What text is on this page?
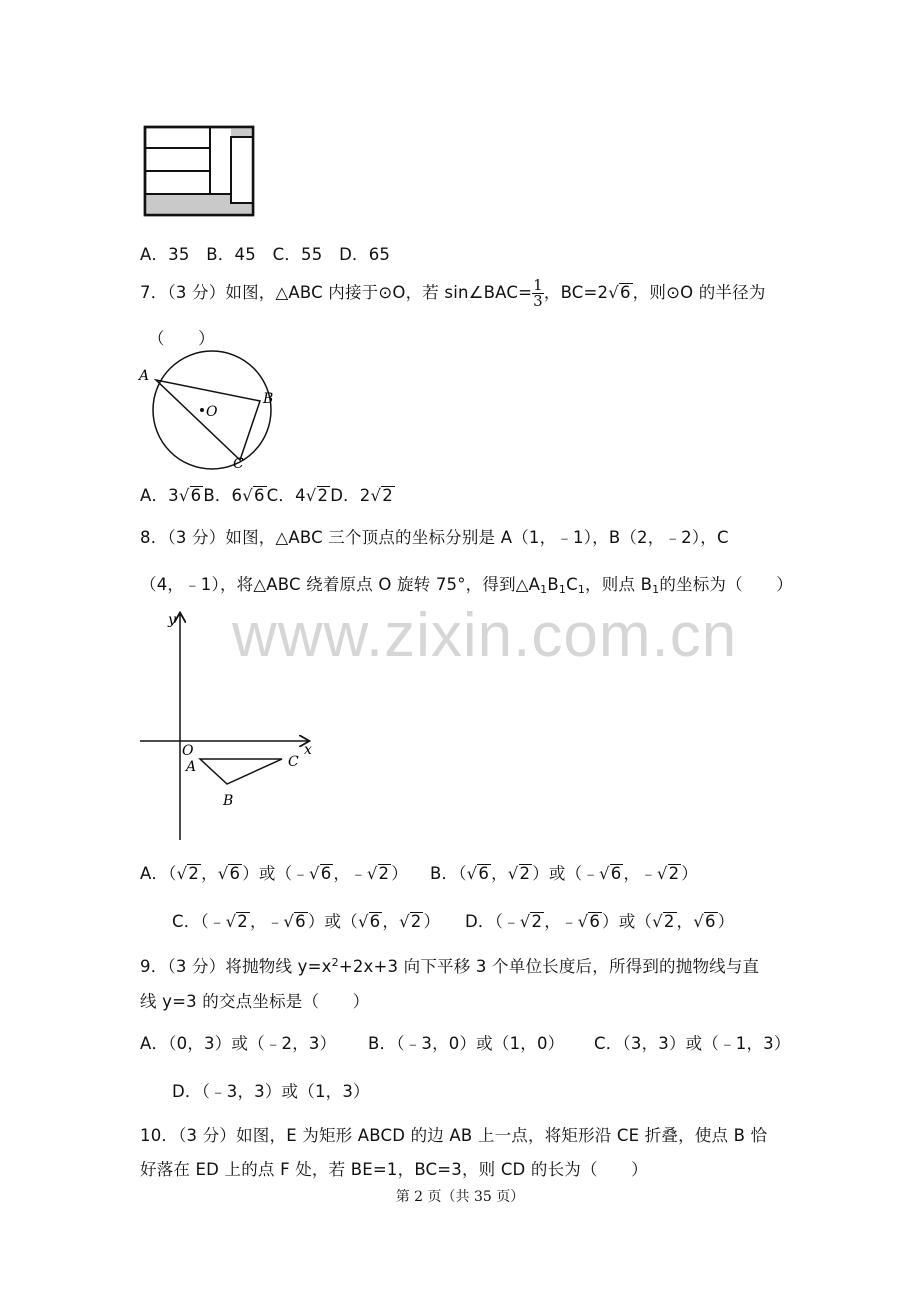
www.zixin.com.cn
A．35　B．45　C．55　D．65
7．（3 分）如图，△ABC 内接于⊙O，若 sin∠BAC= $\frac{1}{3}$ ，BC=2√6 ，则⊙O 的半径为
（　　）
A
B
C
O
A．3√6 B．6√6 C．4√2 D．2√2
8．（3 分）如图，△ABC 三个顶点的坐标分别是 A（1，﹣1），B（2，﹣2），C
（4，﹣1），将△ABC 绕着原点 O 旋转 75°，得到$\triangle A_1B_1C_1$，则点 $B_1$的坐标为（　　）
y
x
O
A
B
C
A．（√2 ，√6 ）或（﹣√6 ，﹣√2 ） B．（√6 ，√2 ）或（﹣√6 ，﹣√2 ）
C．（﹣√2 ，﹣√6 ）或（√6 ，√2 ） D．（﹣√2 ，﹣√6 ）或（√2 ，√6 ）
9．（3 分）将抛物线 $y=x^2+2x+3$ 向下平移 3 个单位长度后，所得到的抛物线与直
线 y=3 的交点坐标是（　　）
A．（0，3）或（﹣2，3） B．（﹣3，0）或（1，0） C．（3，3）或（﹣1，3）
D．（﹣3，3）或（1，3）
10．（3 分）如图，E 为矩形 ABCD 的边 AB 上一点，将矩形沿 CE 折叠，使点 B 恰
好落在 ED 上的点 F 处，若 BE=1，BC=3，则 CD 的长为（　　）
第 2 页（共 35 页）
